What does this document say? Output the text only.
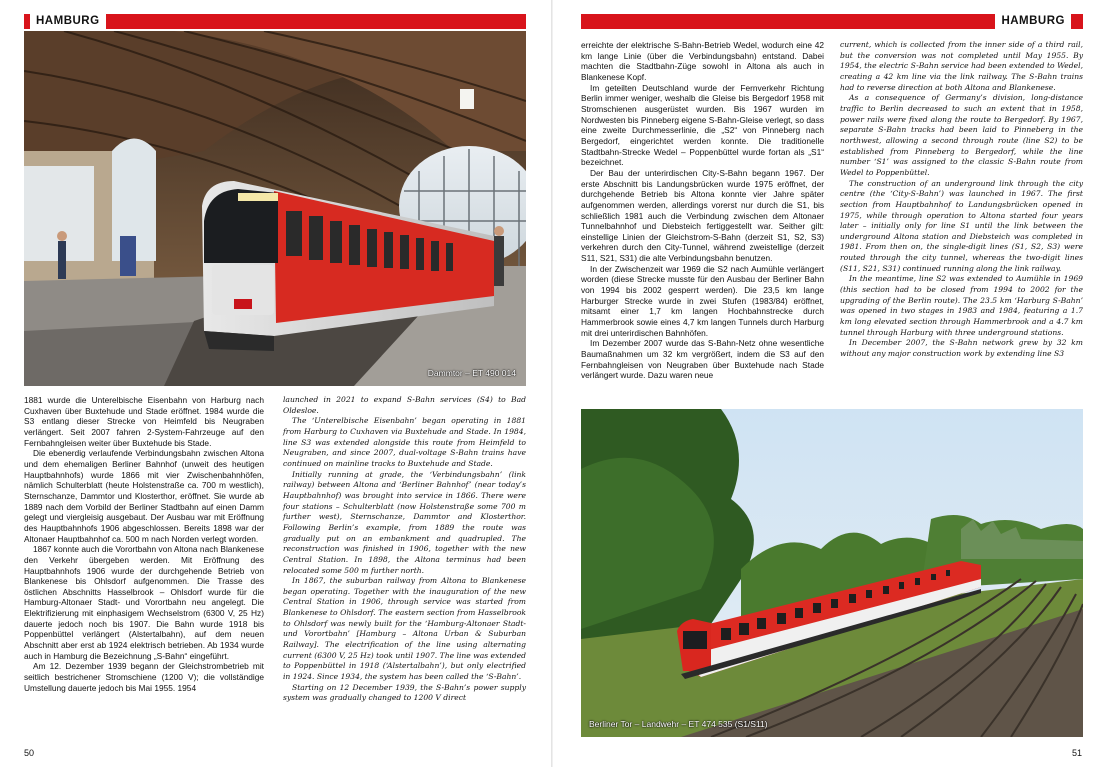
HAMBURG
Dammtor – ET 490 014

1881 wurde die Unterelbische Eisenbahn von Harburg nach Cuxhaven über Buxtehude und Stade eröffnet. 1984 wurde die S3 entlang dieser Strecke von Heimfeld bis Neugraben verlängert. Seit 2007 fahren 2-System-Fahrzeuge auf den Fernbahngleisen weiter über Buxtehude bis Stade.

Die ebenerdig verlaufende Verbindungsbahn zwischen Altona und dem ehemaligen Berliner Bahnhof (unweit des heutigen Hauptbahnhofs) wurde 1866 mit vier Zwischenbahnhöfen, nämlich Schulterblatt (heute Holstenstraße ca. 700 m westlich), Sternschanze, Dammtor und Klosterthor, eröffnet. Sie wurde ab 1889 nach dem Vorbild der Berliner Stadtbahn auf einen Damm gelegt und viergleisig ausgebaut. Der Ausbau war mit Eröffnung des Hauptbahnhofs 1906 abgeschlossen. Bereits 1898 war der Altonaer Hauptbahnhof ca. 500 m nach Norden verlegt worden.

1867 konnte auch die Vorortbahn von Altona nach Blankenese den Verkehr übergeben werden. Mit Eröffnung des Hauptbahnhofs 1906 wurde der durchgehende Betrieb von Blankenese bis Ohlsdorf aufgenommen. Die Trasse des östlichen Abschnitts Hasselbrook – Ohlsdorf wurde für die Hamburg-Altonaer Stadt- und Vorortbahn neu angelegt. Die Elektrifizierung mit einphasigem Wechselstrom (6300 V, 25 Hz) dauerte jedoch noch bis 1907. Die Bahn wurde 1918 bis Poppenbüttel verlängert (Alstertalbahn), auf dem neuen Abschnitt aber erst ab 1924 elektrisch betrieben. Ab 1934 wurde auch in Hamburg die Bezeichnung „S-Bahn“ eingeführt.

Am 12. Dezember 1939 begann der Gleichstrombetrieb mit seitlich bestrichener Stromschiene (1200 V); die vollständige Umstellung dauerte jedoch bis Mai 1955. 1954

launched in 2021 to expand S-Bahn services (S4) to Bad Oldesloe.

The ‘Unterelbische Eisenbahn’ began operating in 1881 from Harburg to Cuxhaven via Buxtehude and Stade. In 1984, line S3 was extended alongside this route from Heimfeld to Neugraben, and since 2007, dual-voltage S-Bahn trains have continued on mainline tracks to Buxtehude and Stade.

Initially running at grade, the ‘Verbindungsbahn’ (link railway) between Altona and ‘Berliner Bahnhof’ (near today’s Hauptbahnhof) was brought into service in 1866. There were four stations – Schulterblatt (now Holstenstraße some 700 m further west), Sternschanze, Dammtor and Klosterthor. Following Berlin’s example, from 1889 the route was gradually put on an embankment and quadrupled. The reconstruction was finished in 1906, together with the new Central Station. In 1898, the Altona terminus had been relocated some 500 m further north.

In 1867, the suburban railway from Altona to Blankenese began operating. Together with the inauguration of the new Central Station in 1906, through service was started from Blankenese to Ohlsdorf. The eastern section from Hasselbrook to Ohlsdorf was newly built for the ‘Hamburg-Altonaer Stadt- und Vorortbahn’ [Hamburg – Altona Urban & Suburban Railway]. The electrification of the line using alternating current (6300 V, 25 Hz) took until 1907. The line was extended to Poppenbüttel in 1918 (‘Alstertalbahn’), but only electrified in 1924. Since 1934, the system has been called the ‘S-Bahn’.

Starting on 12 December 1939, the S-Bahn’s power supply system was gradually changed to 1200 V direct

50
HAMBURG

erreichte der elektrische S-Bahn-Betrieb Wedel, wodurch eine 42 km lange Linie (über die Verbindungsbahn) entstand. Dabei machten die Stadtbahn-Züge sowohl in Altona als auch in Blankenese Kopf.

Im geteilten Deutschland wurde der Fernverkehr Richtung Berlin immer weniger, weshalb die Gleise bis Bergedorf 1958 mit Stromschienen ausgerüstet wurden. Bis 1967 wurden im Nordwesten bis Pinneberg eigene S-Bahn-Gleise verlegt, so dass eine zweite Durchmesserlinie, die „S2“ von Pinneberg nach Bergedorf, eingerichtet werden konnte. Die traditionelle Stadtbahn-Strecke Wedel – Poppenbüttel wurde fortan als „S1“ bezeichnet.

Der Bau der unterirdischen City-S-Bahn begann 1967. Der erste Abschnitt bis Landungsbrücken wurde 1975 eröffnet, der durchgehende Betrieb bis Altona konnte vier Jahre später aufgenommen werden, allerdings vorerst nur durch die S1, bis schließlich 1981 auch die Verbindung zwischen dem Altonaer Tunnelbahnhof und Diebsteich fertiggestellt war. Seither gilt: einstellige Linien der Gleichstrom-S-Bahn (derzeit S1, S2, S3) verkehren durch den City-Tunnel, während zweistellige (derzeit S11, S21, S31) die alte Verbindungsbahn benutzen.

In der Zwischenzeit war 1969 die S2 nach Aumühle verlängert worden (diese Strecke musste für den Ausbau der Berliner Bahn von 1994 bis 2002 gesperrt werden). Die 23,5 km lange Harburger Strecke wurde in zwei Stufen (1983/84) eröffnet, mitsamt einer 1,7 km langen Hochbahnstrecke durch Hammerbrook sowie eines 4,7 km langen Tunnels durch Harburg mit drei unterirdischen Bahnhöfen.

Im Dezember 2007 wurde das S-Bahn-Netz ohne wesentliche Baumaßnahmen um 32 km vergrößert, indem die S3 auf den Fernbahngleisen von Neugraben über Buxtehude nach Stade verlängert wurde. Dazu waren neue

current, which is collected from the inner side of a third rail, but the conversion was not completed until May 1955. By 1954, the electric S-Bahn service had been extended to Wedel, creating a 42 km line via the link railway. The S-Bahn trains had to reverse direction at both Altona and Blankenese.

As a consequence of Germany’s division, long-distance traffic to Berlin decreased to such an extent that in 1958, power rails were fixed along the route to Bergedorf. By 1967, separate S-Bahn tracks had been laid to Pinneberg in the northwest, allowing a second through route (line S2) to be established from Pinneberg to Bergedorf, while the line number ‘S1’ was assigned to the classic S-Bahn route from Wedel to Poppenbüttel.

The construction of an underground link through the city centre (the ‘City-S-Bahn’) was launched in 1967. The first section from Hauptbahnhof to Landungsbrücken opened in 1975, while through operation to Altona started four years later – initially only for line S1 until the link between the underground Altona station and Diebsteich was completed in 1981. From then on, the single-digit lines (S1, S2, S3) were routed through the city tunnel, whereas the two-digit lines (S11, S21, S31) continued running along the link railway.

In the meantime, line S2 was extended to Aumühle in 1969 (this section had to be closed from 1994 to 2002 for the upgrading of the Berlin route). The 23.5 km ‘Harburg S-Bahn’ was opened in two stages in 1983 and 1984, featuring a 1.7 km long elevated section through Hammerbrook and a 4.7 km tunnel through Harburg with three underground stations.

In December 2007, the S-Bahn network grew by 32 km without any major construction work by extending line S3

Berliner Tor – Landwehr – ET 474 535 (S1/S11)
51
